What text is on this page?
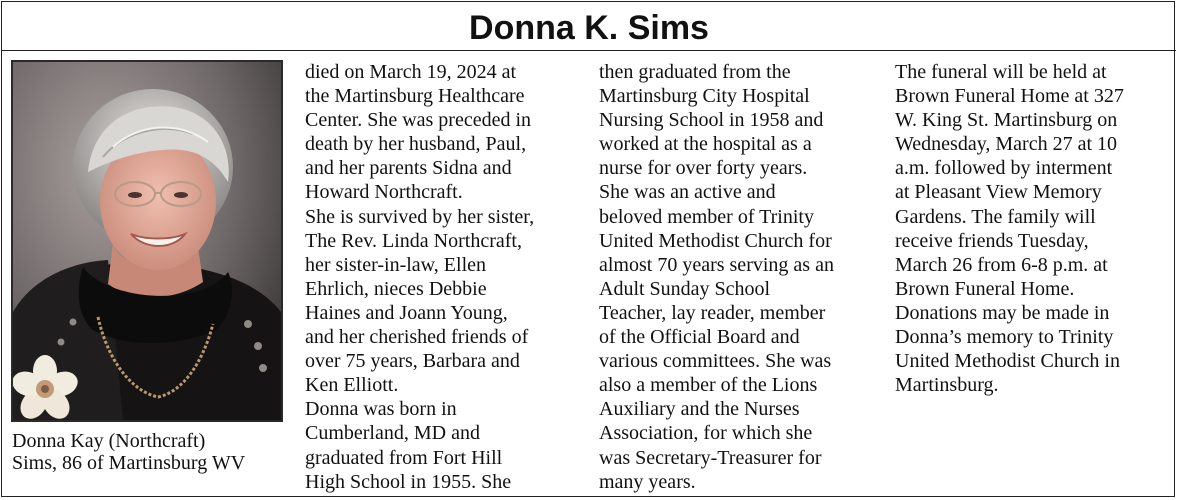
Donna K. Sims
Donna Kay (Northcraft)
Sims, 86 of Martinsburg WV
died on March 19, 2024 at
the Martinsburg Healthcare
Center. She was preceded in
death by her husband, Paul,
and her parents Sidna and
Howard Northcraft.
She is survived by her sister,
The Rev. Linda Northcraft,
her sister-in-law, Ellen
Ehrlich, nieces Debbie
Haines and Joann Young,
and her cherished friends of
over 75 years, Barbara and
Ken Elliott.
Donna was born in
Cumberland, MD and
graduated from Fort Hill
High School in 1955. She
then graduated from the
Martinsburg City Hospital
Nursing School in 1958 and
worked at the hospital as a
nurse for over forty years.
She was an active and
beloved member of Trinity
United Methodist Church for
almost 70 years serving as an
Adult Sunday School
Teacher, lay reader, member
of the Official Board and
various committees. She was
also a member of the Lions
Auxiliary and the Nurses
Association, for which she
was Secretary-Treasurer for
many years.
The funeral will be held at
Brown Funeral Home at 327
W. King St. Martinsburg on
Wednesday, March 27 at 10
a.m. followed by interment
at Pleasant View Memory
Gardens. The family will
receive friends Tuesday,
March 26 from 6-8 p.m. at
Brown Funeral Home.
Donations may be made in
Donna’s memory to Trinity
United Methodist Church in
Martinsburg.
